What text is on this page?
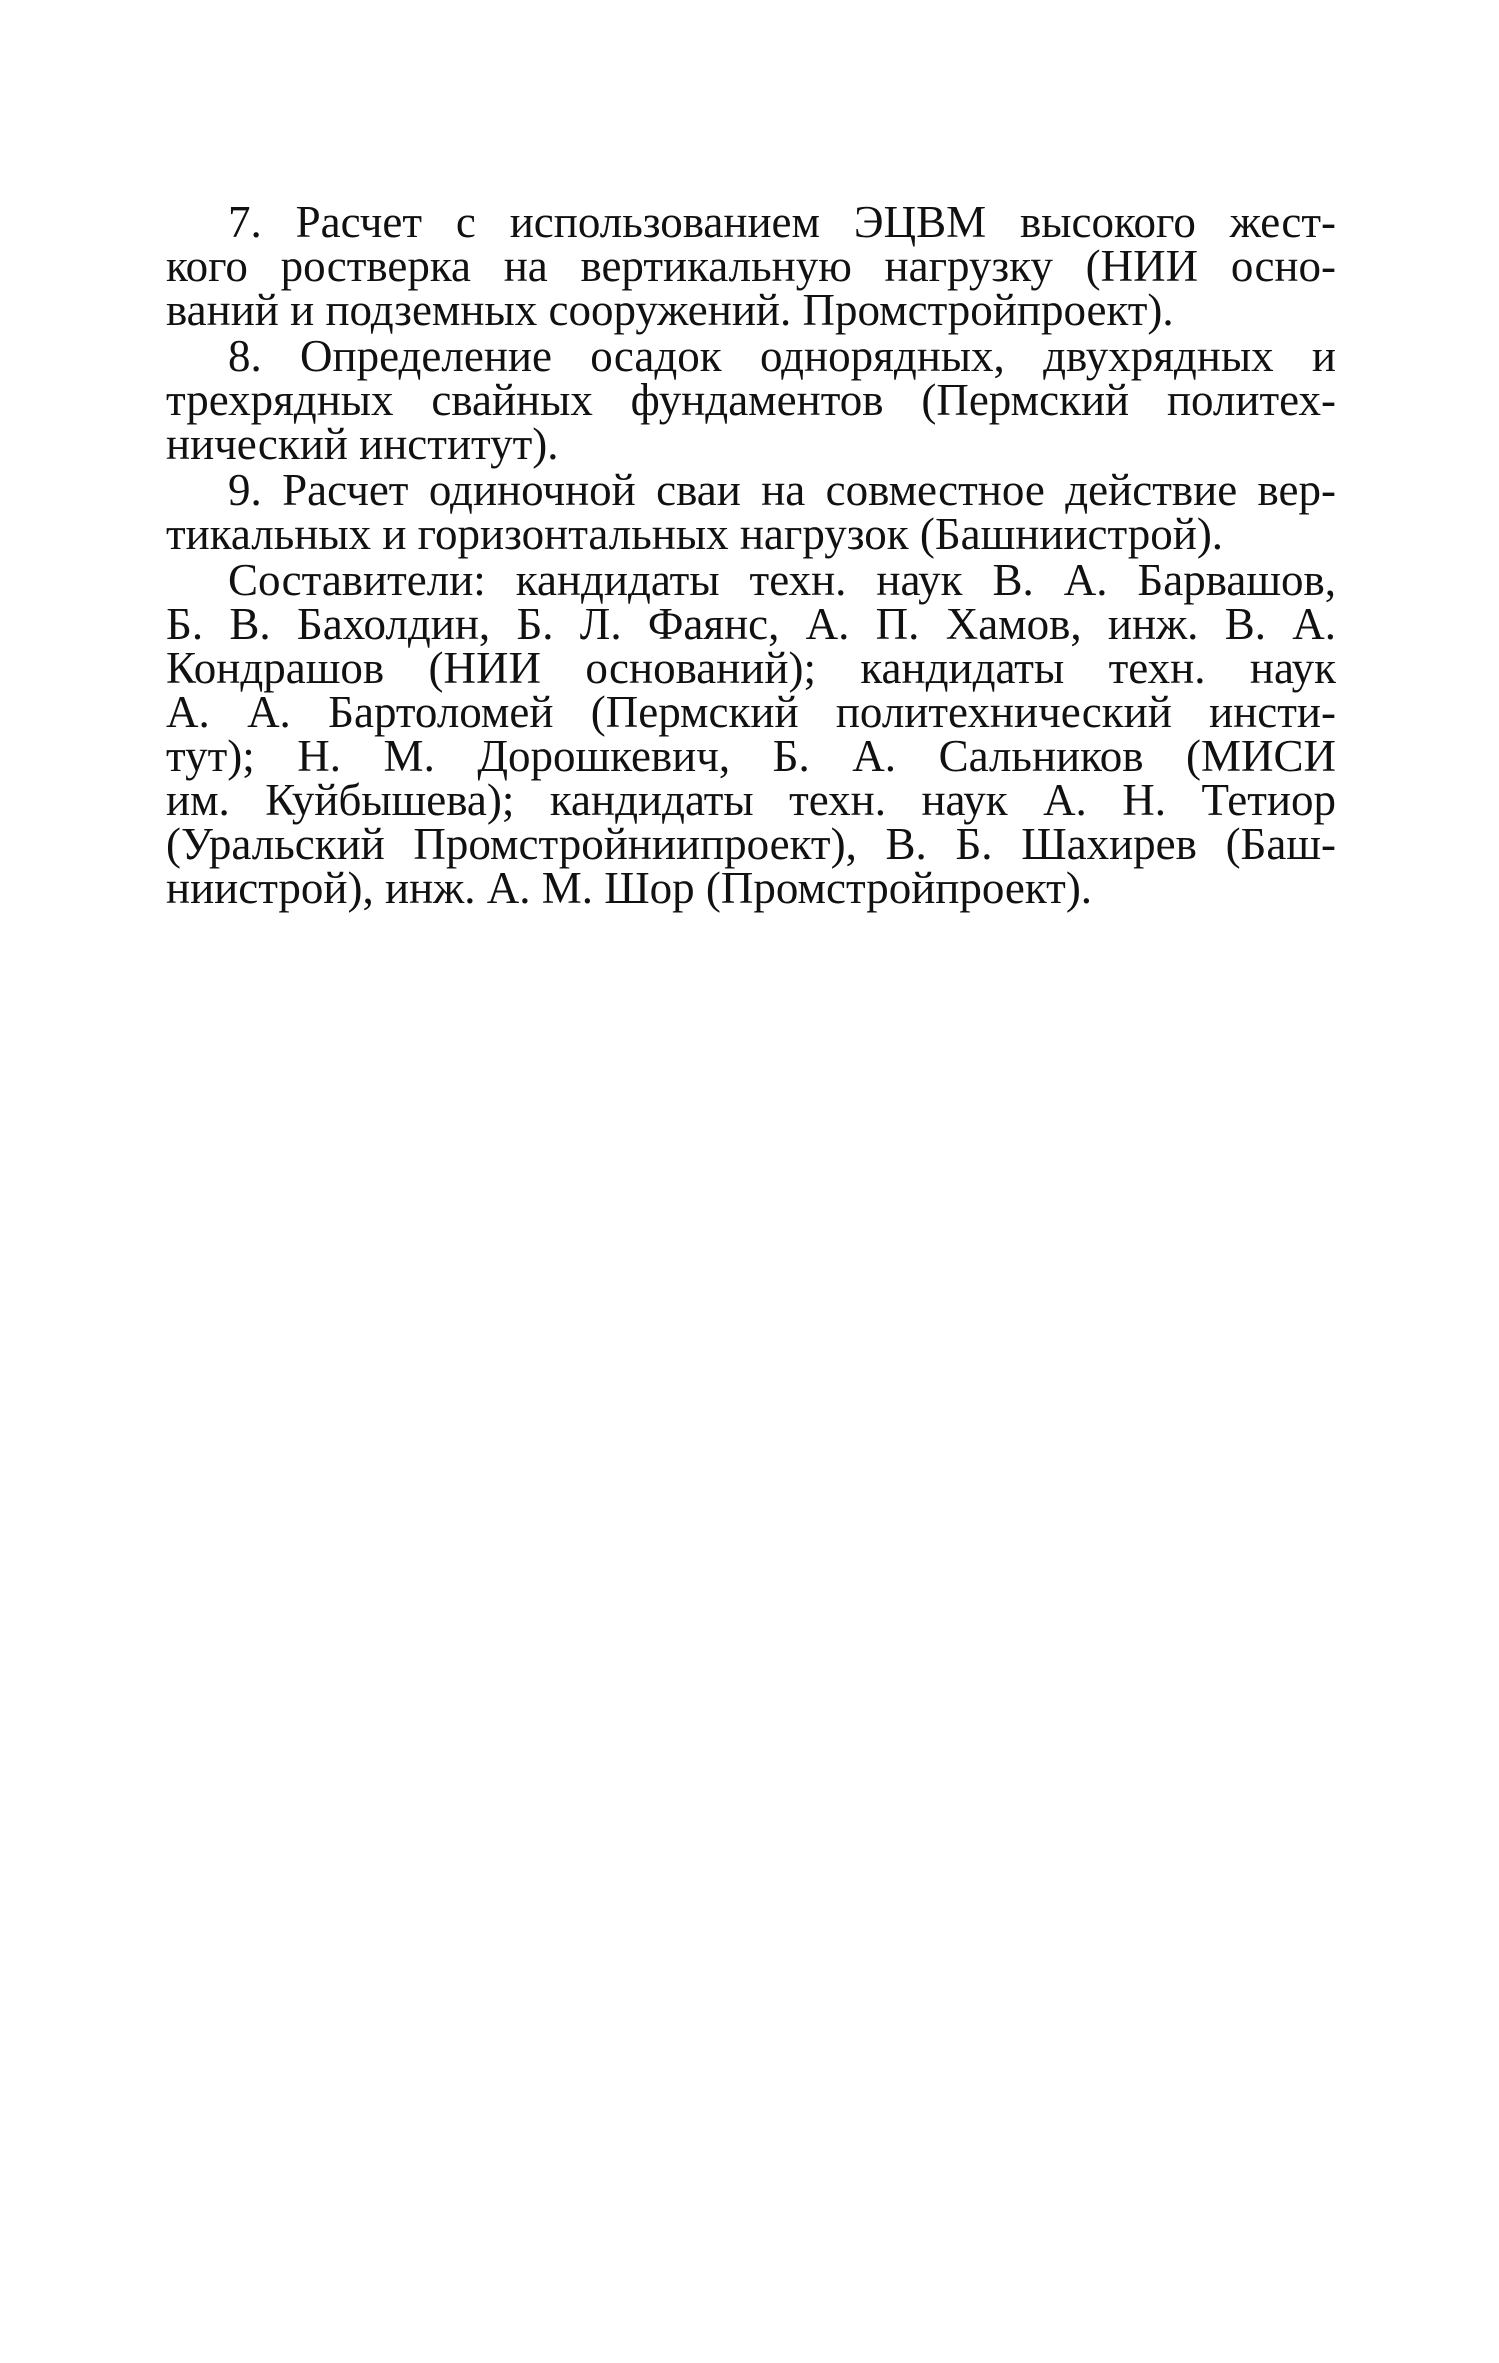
7. Расчет с использованием ЭЦВМ высокого жест-
кого ростверка на вертикальную нагрузку (НИИ осно-
ваний и подземных сооружений. Промстройпроект).
8. Определение осадок однорядных, двухрядных и
трехрядных свайных фундаментов (Пермский политех-
нический институт).
9. Расчет одиночной сваи на совместное действие вер-
тикальных и горизонтальных нагрузок (Башниистрой).
Составители: кандидаты техн. наук В. А. Барвашов,
Б. В. Бахолдин, Б. Л. Фаянс, А. П. Хамов, инж. В. А.
Кондрашов (НИИ оснований); кандидаты техн. наук
А. А. Бартоломей (Пермский политехнический инсти-
тут); Н. М. Дорошкевич, Б. А. Сальников (МИСИ
им. Куйбышева); кандидаты техн. наук А. Н. Тетиор
(Уральский Промстройниипроект), В. Б. Шахирев (Баш-
ниистрой), инж. А. М. Шор (Промстройпроект).
